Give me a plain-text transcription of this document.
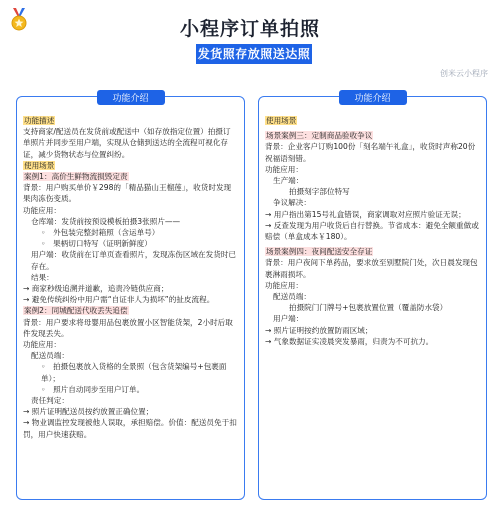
小程序订单拍照
发货照存放照送达照
创米云小程序
功能介绍
功能描述
支持商家/配送员在发货前或配送中（如存放指定位置）拍摄订单照片并同步至用户端，实现从仓储到送达的全流程可视化存证，减少货物状态与位置纠纷。
使用场景
案例1：高价生鲜物流损毁定责
背景：用户购买单价￥298的「精品猫山王榴莲」，收货时发现果肉冻伤变质。
功能应用：
仓库端：发货前按预设模板拍摄3张照片——
◦　外包装完整封箱照（含运单号）
◦　果柄切口特写（证明新鲜度）
用户端：收货前在订单页查看照片，发现冻伤区域在发货时已存在。
结果：
→ 商家秒级追溯并道歉，追责冷链供应商；
→ 避免传统纠纷中用户需“自证非人为损坏”的扯皮流程。
案例2：同城配送代收丢失追偿
背景：用户要求将母婴用品包裹放置小区智能货架，2小时后取件发现丢失。
功能应用：
配送员端：
◦　拍摄包裹放入货格的全景照（包含货架编号+包裹面单）；
◦　照片自动同步至用户订单。
责任判定：
→ 照片证明配送员按约放置正确位置；
→ 物业调监控发现被他人误取，承担赔偿。价值：配送员免于扣罚，用户快速获赔。
功能介绍
使用场景
场景案例三：定制商品验收争议
背景：企业客户订购100份「刻名端午礼盒」，收货时声称20份祝福语刻错。
功能应用：
生产端：
拍摄刻字部位特写
争议解决：
→ 用户指出第15号礼盒错误，商家调取对应照片验证无误；
→ 反查发现为用户收货后自行替换。节省成本：避免全额重做或赔偿（单盒成本￥180）。
场景案例四：夜间配送安全存证
背景：用户夜间下单药品，要求放至别墅院门处，次日晨发现包裹淋雨损坏。
功能应用：
配送员端：
拍摄院门门牌号+包裹放置位置（覆盖防水袋）
用户端：
→ 照片证明按约放置防雨区域；
→ 气象数据证实凌晨突发暴雨，归责为不可抗力。
